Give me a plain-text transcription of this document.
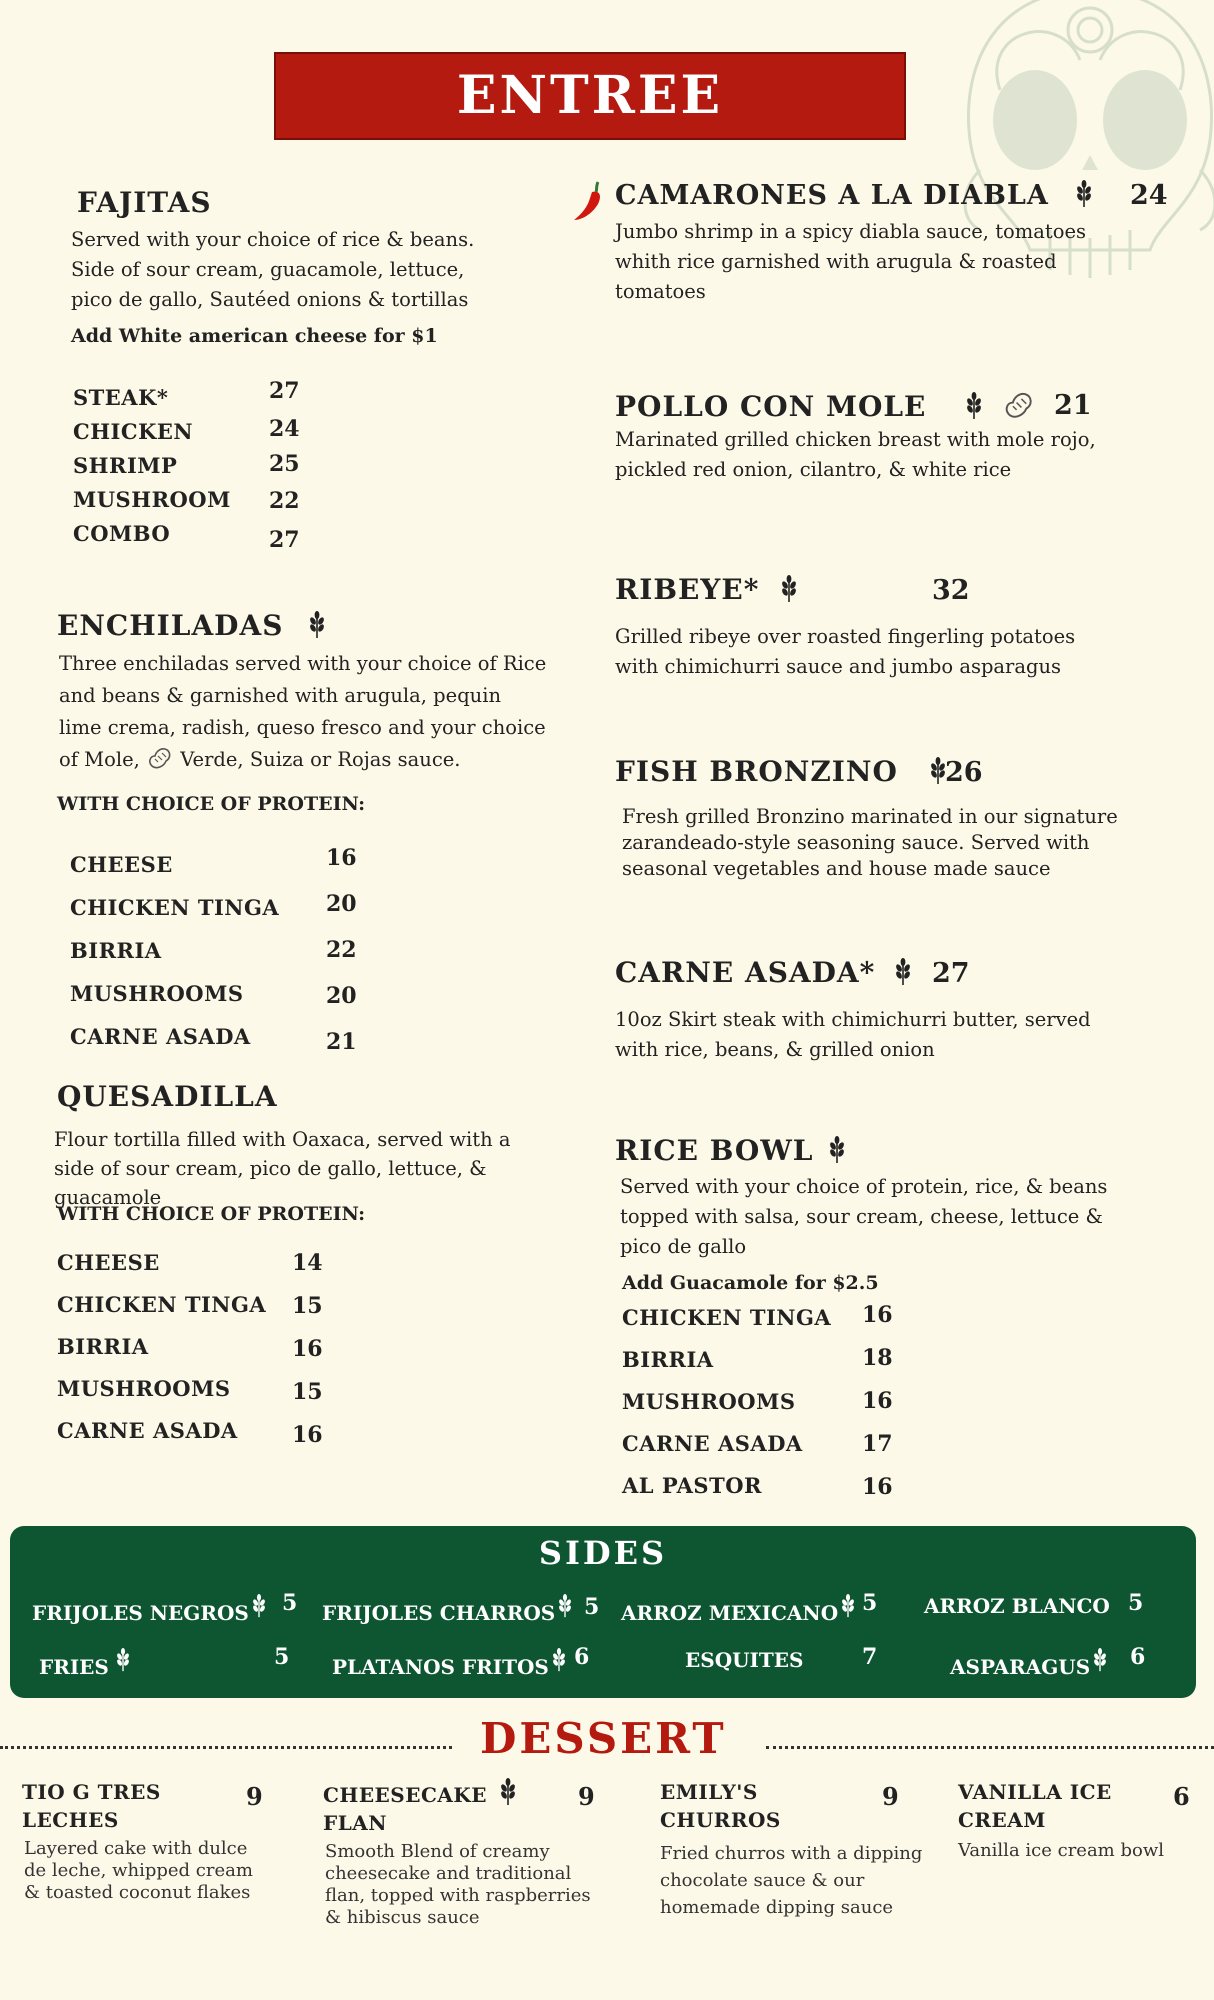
ENTREE
FAJITAS
Served with your choice of rice & beans. Side of sour cream, guacamole, lettuce, pico de gallo, Sautéed onions & tortillas
Add White american cheese for $1
STEAK*	27
CHICKEN	24
SHRIMP	25
MUSHROOM 22
COMBO	27
ENCHILADAS
Three enchiladas served with your choice of Rice and beans & garnished with arugula, pequin lime crema, radish, queso fresco and your choice of Mole, Verde, Suiza or Rojas sauce.
WITH CHOICE OF PROTEIN:
CHEESE	16
CHICKEN TINGA 20
BIRRIA	22
MUSHROOMS	20
CARNE ASADA	21
QUESADILLA
Flour tortilla filled with Oaxaca, served with a side of sour cream, pico de gallo, lettuce, & guacamole
WITH CHOICE OF PROTEIN:
CHEESE	14
CHICKEN TINGA 15
BIRRIA	16
MUSHROOMS	15
CARNE ASADA 16
CAMARONES A LA DIABLA	24
Jumbo shrimp in a spicy diabla sauce, tomatoes whith rice garnished with arugula & roasted tomatoes
POLLO CON MOLE
	21
Marinated grilled chicken breast with mole rojo, pickled red onion, cilantro, & white rice
RIBEYE*	32
Grilled ribeye over roasted fingerling potatoes with chimichurri sauce and jumbo asparagus
FISH BRONZINO	26
Fresh grilled Bronzino marinated in our signature zarandeado-style seasoning sauce. Served with seasonal vegetables and house made sauce
CARNE ASADA*	27
10oz Skirt steak with chimichurri butter, served with rice, beans, & grilled onion
RICE BOWL
Served with your choice of protein, rice, & beans topped with salsa, sour cream, cheese, lettuce & pico de gallo
Add Guacamole for $2.5
CHICKEN TINGA 16
BIRRIA	18
MUSHROOMS	16
CARNE ASADA	17
AL PASTOR	16
SIDES
FRIJOLES NEGROS	5 FRIJOLES CHARROS	5 ARROZ MEXICANO	5 ARROZ BLANCO 5
FRIES	5 PLATANOS FRITOS	6	ESQUITES	7	ASPARAGUS	6
DESSERT
TIO G TRES
LECHES
9
Layered cake with dulce de leche, whipped cream & toasted coconut flakes
CHEESECAKE
FLAN
9
Smooth Blend of creamy cheesecake and traditional flan, topped with raspberries & hibiscus sauce
EMILY'S
CHURROS
9
Fried churros with a dipping chocolate sauce & our homemade dipping sauce
VANILLA ICE
CREAM
6
Vanilla ice cream bowl
